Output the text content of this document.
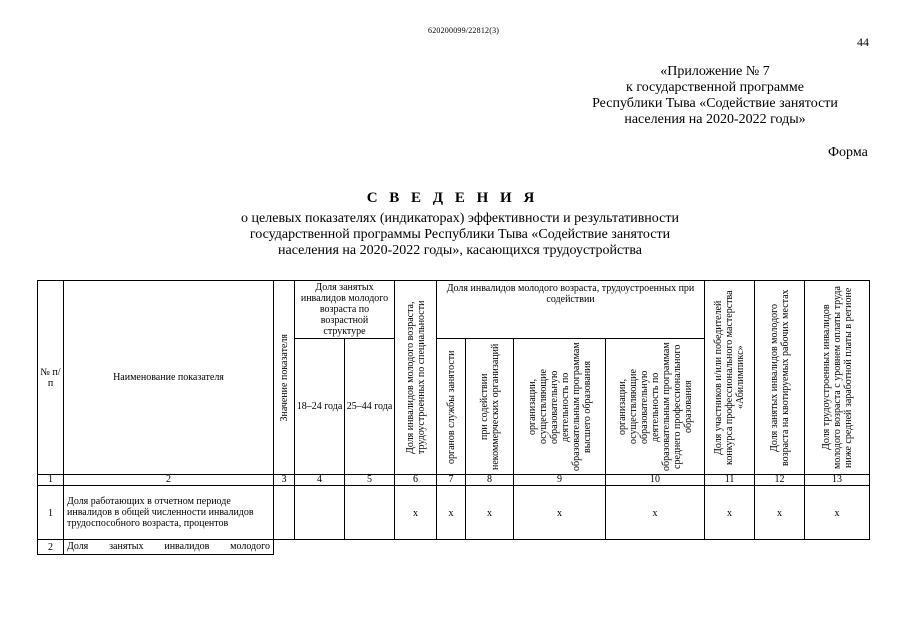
620200099/22812(3)
44
«Приложение № 7
к государственной программе
Республики Тыва «Содействие занятости
населения на 2020-2022 годы»
Форма
С В Е Д Е Н И Я
о целевых показателях (индикаторах) эффективности и результативности
государственной программы Республики Тыва «Содействие занятости
населения на 2020-2022 годы», касающихся трудоустройства
№ п/п	Наименование показателя	Значение показателя	Доля занятых инвалидов молодого возраста по возрастной структуре		Доля инвалидов молодого возраста, трудоустроенных по специальности	Доля инвалидов молодого возраста, трудоустроенных при содействии				Доля участников и/или победителей конкурса профессионального мастерства «Абилимпикс»	Доля занятых инвалидов молодого возраста на квотируемых рабочих местах	Доля трудоустроенных инвалидов молодого возраста с уровнем оплаты труда ниже средней заработной платы в регионе

			18–24 года	25–44 года		органов службы занятости	при содействии некоммерческих организаций	организации, осуществляющие образовательную деятельность по образовательным программам высшего образования	организации, осуществляющие образовательную деятельность по образовательным программам среднего профессионального образования			

1	2	3	4	5	6	7	8	9	10	11	12	13
1	Доля работающих в отчетном периоде инвалидов в общей численности инвалидов трудоспособного возраста, процентов				x	x	x	x	x	x	x	x
2	Доля занятых инвалидов молодого											
